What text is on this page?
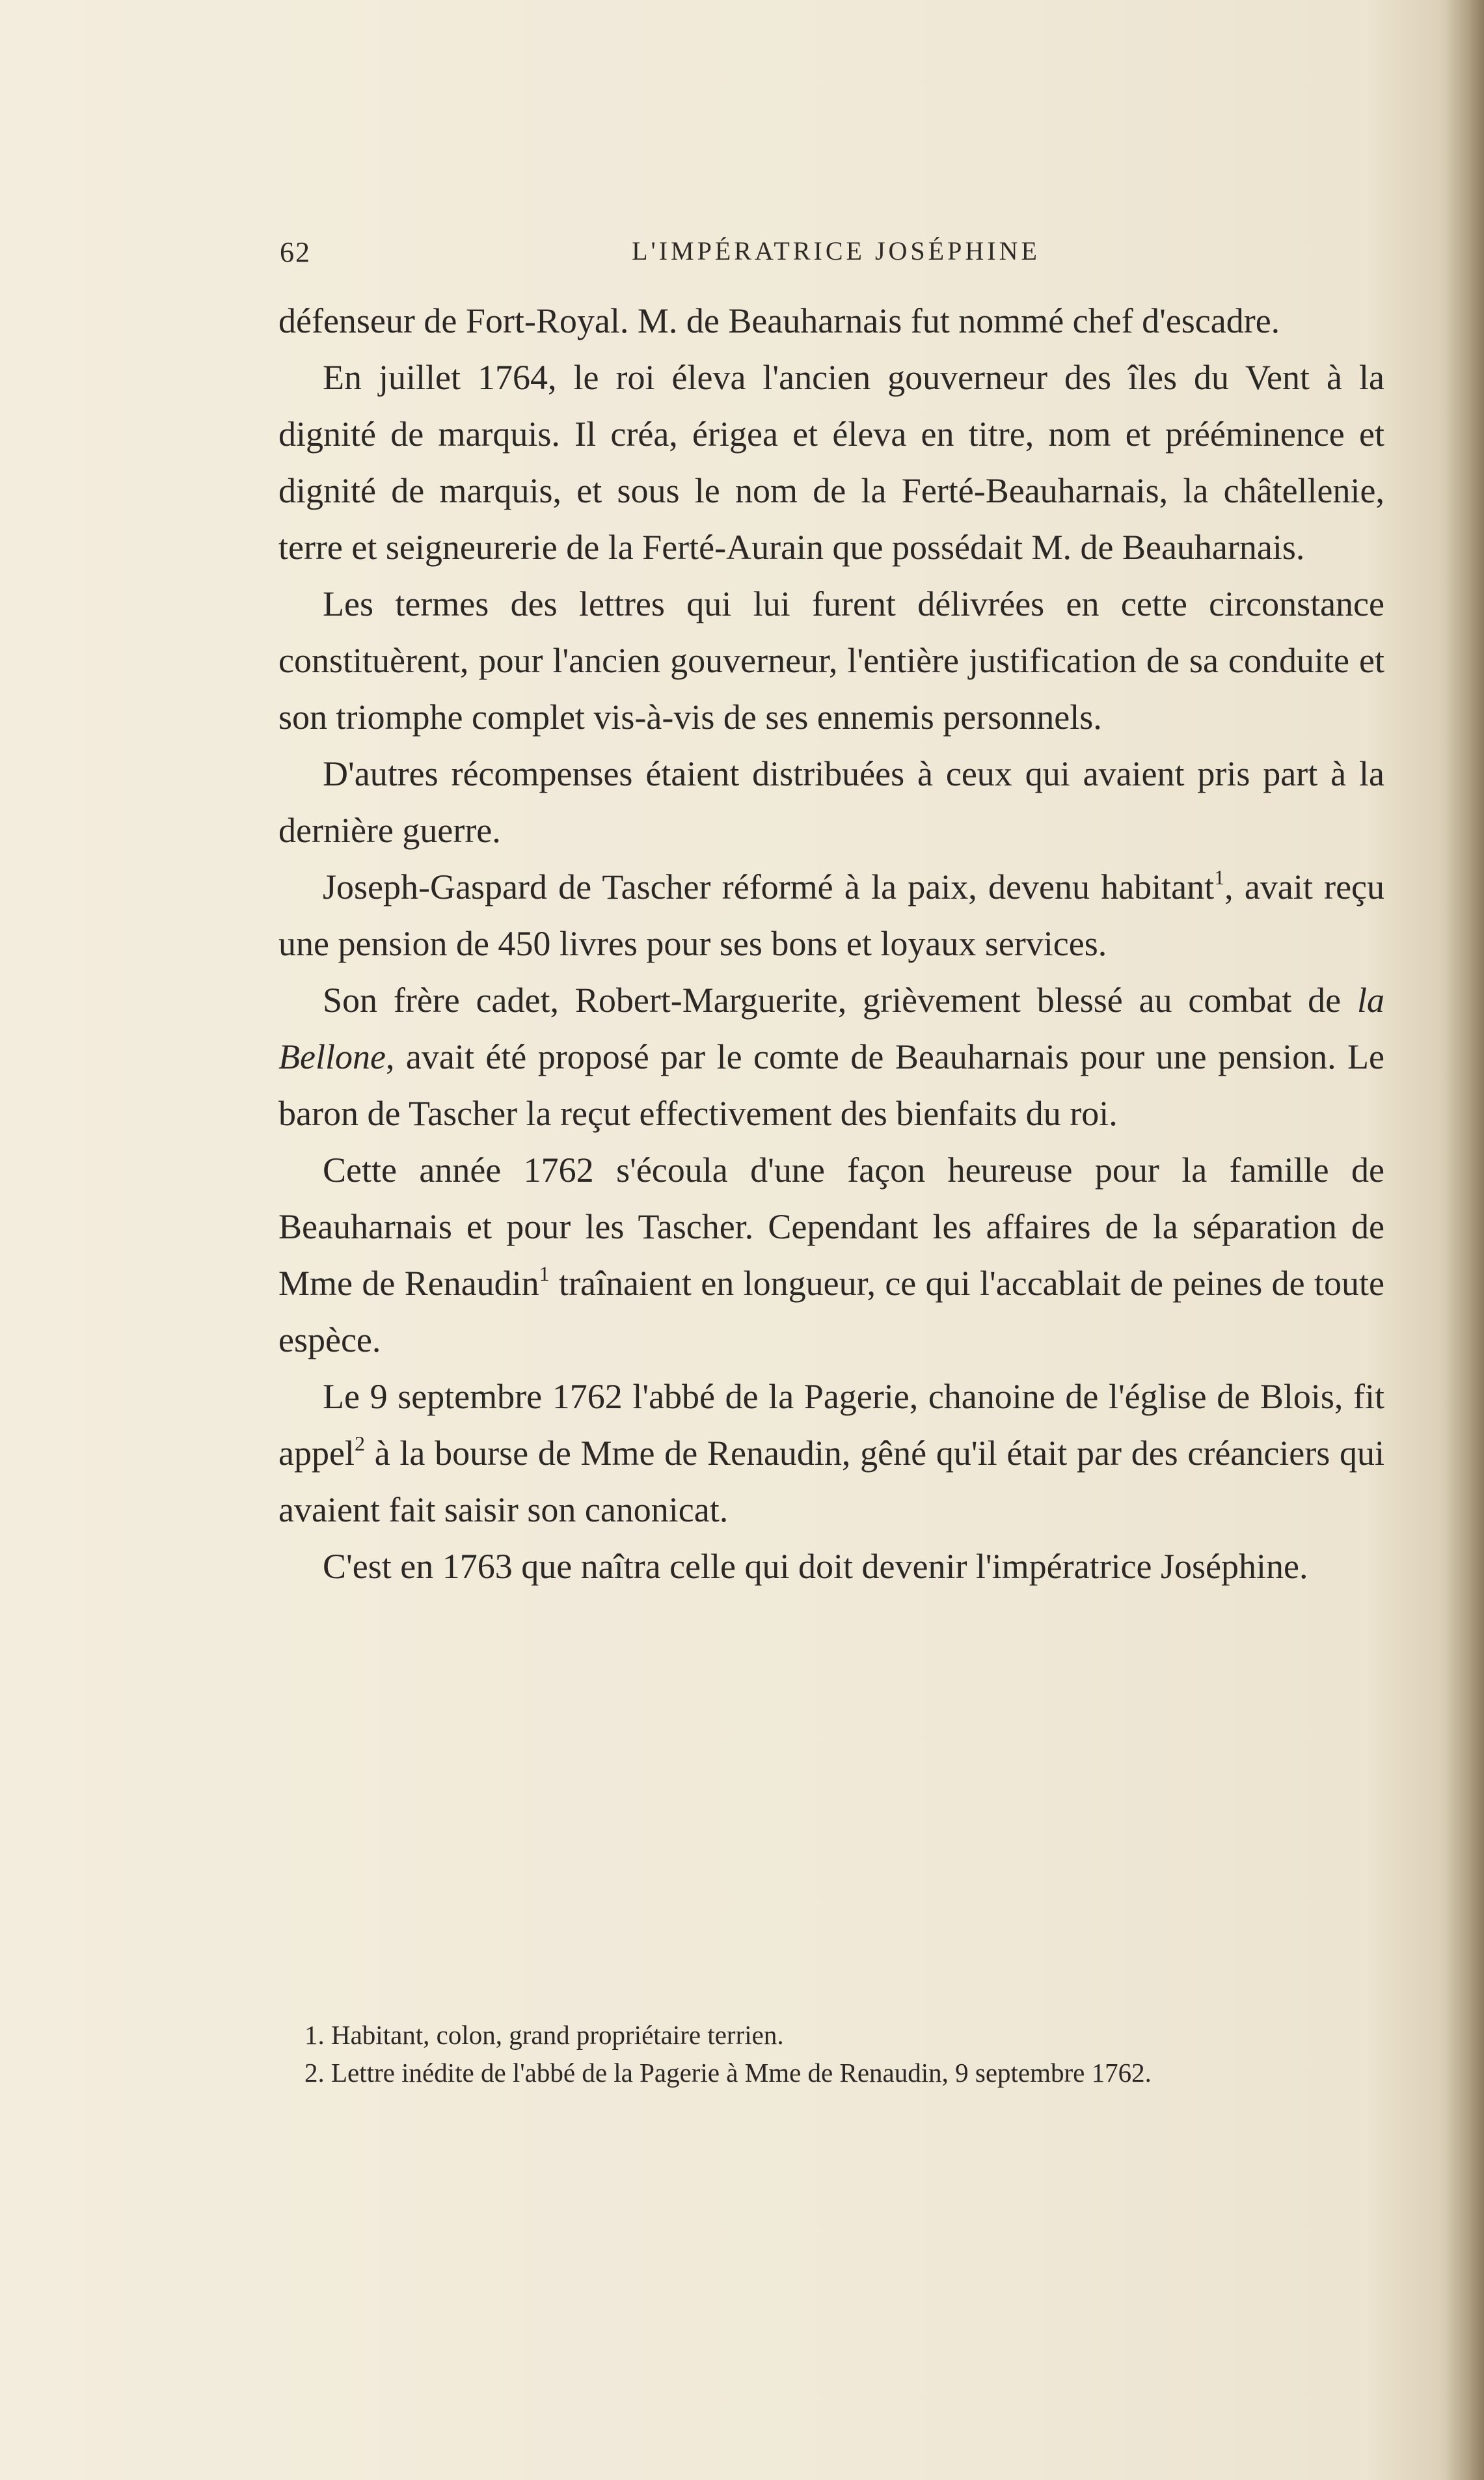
62	L'IMPÉRATRICE JOSÉPHINE

défenseur de Fort-Royal. M. de Beauharnais fut nommé chef d'escadre.

En juillet 1764, le roi éleva l'ancien gouverneur des îles du Vent à la dignité de marquis. Il créa, érigea et éleva en titre, nom et prééminence et dignité de marquis, et sous le nom de la Ferté-Beauharnais, la châtellenie, terre et seigneurerie de la Ferté-Aurain que possédait M. de Beauharnais.

Les termes des lettres qui lui furent délivrées en cette circonstance constituèrent, pour l'ancien gouverneur, l'entière justification de sa conduite et son triomphe complet vis-à-vis de ses ennemis personnels.

D'autres récompenses étaient distribuées à ceux qui avaient pris part à la dernière guerre.

Joseph-Gaspard de Tascher réformé à la paix, devenu habitant$^1$, avait reçu une pension de 450 livres pour ses bons et loyaux services.

Son frère cadet, Robert-Marguerite, grièvement blessé au combat de la Bellone, avait été proposé par le comte de Beauharnais pour une pension. Le baron de Tascher la reçut effectivement des bienfaits du roi.

Cette année 1762 s'écoula d'une façon heureuse pour la famille de Beauharnais et pour les Tascher. Cependant les affaires de la séparation de Mme de Renaudin$^1$ traînaient en longueur, ce qui l'accablait de peines de toute espèce.

Le 9 septembre 1762 l'abbé de la Pagerie, chanoine de l'église de Blois, fit appel$^2$ à la bourse de Mme de Renaudin, gêné qu'il était par des créanciers qui avaient fait saisir son canonicat.

C'est en 1763 que naîtra celle qui doit devenir l'impératrice Joséphine.

1. Habitant, colon, grand propriétaire terrien.

2. Lettre inédite de l'abbé de la Pagerie à Mme de Renaudin, 9 septembre 1762.
